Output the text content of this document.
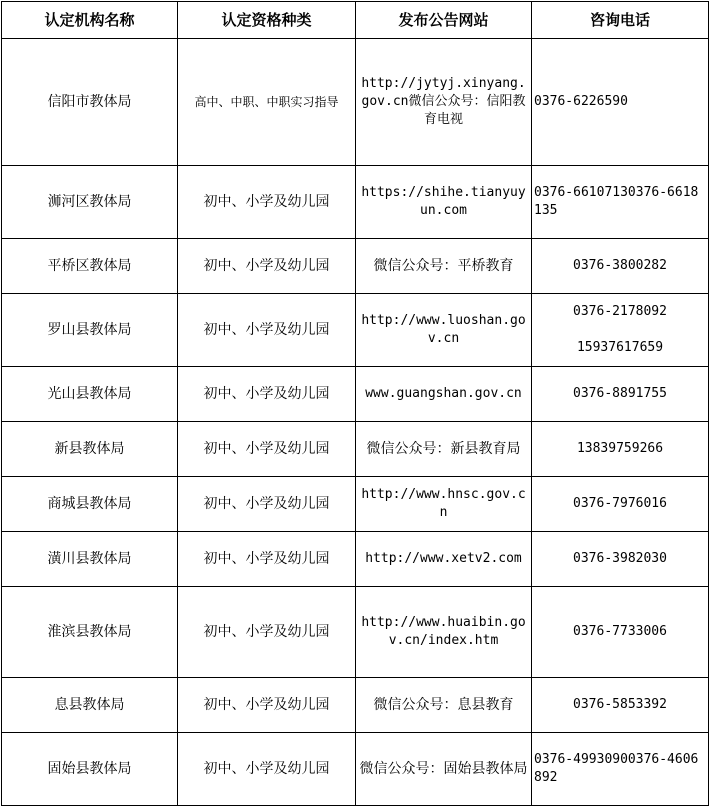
认定机构名称	认定资格种类	发布公告网站	咨询电话
信阳市教体局	高中、中职、中职实习指导	http://jytyj.xinyang.gov.cn微信公众号：信阳教育电视	0376-6226590

浉河区教体局	初中、小学及幼儿园	https://shihe.tianyuyun.com	0376-66107130376-6618135

平桥区教体局	初中、小学及幼儿园	微信公众号：平桥教育	0376-3800282

罗山县教体局	初中、小学及幼儿园	http://www.luoshan.gov.cn	0376-2178092
15937617659

光山县教体局	初中、小学及幼儿园	www.guangshan.gov.cn	0376-8891755

新县教体局	初中、小学及幼儿园	微信公众号：新县教育局	13839759266

商城县教体局	初中、小学及幼儿园	http://www.hnsc.gov.cn	0376-7976016

潢川县教体局	初中、小学及幼儿园	http://www.xetv2.com	0376-3982030

淮滨县教体局	初中、小学及幼儿园	http://www.huaibin.gov.cn/index.htm	0376-7733006

息县教体局	初中、小学及幼儿园	微信公众号：息县教育	0376-5853392

固始县教体局	初中、小学及幼儿园	微信公众号：固始县教体局	0376-49930900376-4606892
